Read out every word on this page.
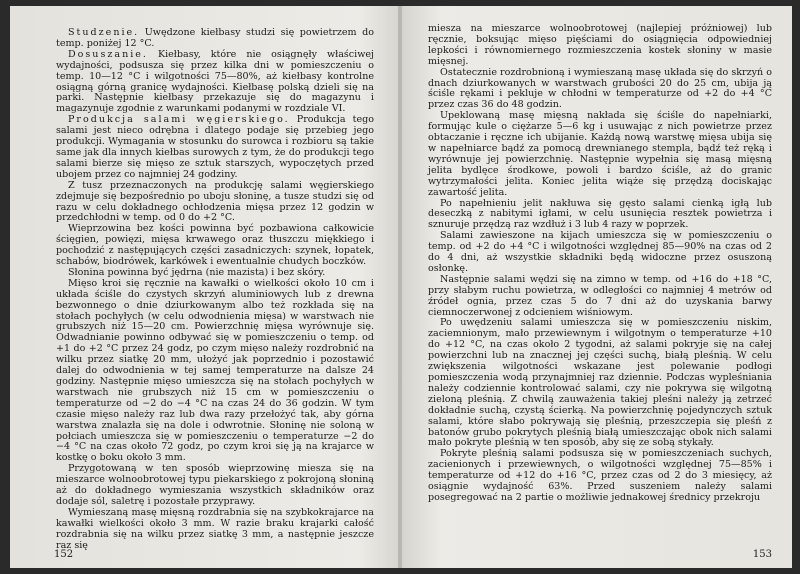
Studzenie. Uwędzone kiełbasy studzi się powietrzem do temp. poniżej 12 °C.

Dosuszanie. Kiełbasy, które nie osiągnęły właściwej wydajności, podsusza się przez kilka dni w pomieszczeniu o temp. 10—12 °C i wilgotności 75—80%, aż kiełbasy kontrolne osiągną górną granicę wydajności. Kiełbasę polską dzieli się na parki. Następnie kiełbasy przekazuje się do magazynu i magazynuje zgodnie z warunkami podanymi w rozdziale VI.

Produkcja salami węgierskiego. Produkcja tego salami jest nieco odrębna i dlatego podaje się przebieg jego produkcji. Wymagania w stosunku do surowca i rozbioru są takie same jak dla innych kiełbas surowych z tym, że do produkcji tego salami bierze się mięso ze sztuk starszych, wypoczętych przed ubojem przez co najmniej 24 godziny.

Z tusz przeznaczonych na produkcję salami węgierskiego zdejmuje się bezpośrednio po uboju słoninę, a tusze studzi się od razu w celu dokładnego ochłodzenia mięsa przez 12 godzin w przedchłodni w temp. od 0 do +2 °C.

Wieprzowina bez kości powinna być pozbawiona całkowicie ścięgien, powięzi, mięsa krwawego oraz tłuszczu miękkiego i pochodzić z następujących części zasadniczych: szynek, łopatek, schabów, biodrówek, karkówek i ewentualnie chudych boczków.

Słonina powinna być jędrna (nie mazista) i bez skóry.

Mięso kroi się ręcznie na kawałki o wielkości około 10 cm i układa ściśle do czystych skrzyń aluminiowych lub z drewna bezwonnego o dnie dziurkowanym albo też rozkłada się na stołach pochyłych (w celu odwodnienia mięsa) w warstwach nie grubszych niż 15—20 cm. Powierzchnię mięsa wyrównuje się. Odwadnianie powinno odbywać się w pomieszczeniu o temp. od +1 do +2 °C przez 24 godz, po czym mięso należy rozdrobnić na wilku przez siatkę 20 mm, ułożyć jak poprzednio i pozostawić dalej do odwodnienia w tej samej temperaturze na dalsze 24 godziny. Następnie mięso umieszcza się na stołach pochyłych w warstwach nie grubszych niż 15 cm w pomieszczeniu o temperaturze od −2 do −4 °C na czas 24 do 36 godzin. W tym czasie mięso należy raz lub dwa razy przełożyć tak, aby górna warstwa znalazła się na dole i odwrotnie. Słoninę nie soloną w połciach umieszcza się w pomieszczeniu o temperaturze −2 do −4 °C na czas około 72 godz, po czym kroi się ją na krajarce w kostkę o boku około 3 mm.

Przygotowaną w ten sposób wieprzowinę miesza się na mieszarce wolnoobrotowej typu piekarskiego z pokrojoną słoniną aż do dokładnego wymieszania wszystkich składników oraz dodaje sól, saletrę i pozostałe przyprawy.

Wymieszaną masę mięsną rozdrabnia się na szybkokrajarce na kawałki wielkości około 3 mm. W razie braku krajarki całość rozdrabnia się na wilku przez siatkę 3 mm, a następnie jeszcze raz się

152

miesza na mieszarce wolnoobrotowej (najlepiej próżniowej) lub ręcznie, boksując mięso pięściami do osiągnięcia odpowiedniej lepkości i równomiernego rozmieszczenia kostek słoniny w masie mięsnej.

Ostatecznie rozdrobnioną i wymieszaną masę układa się do skrzyń o dnach dziurkowanych w warstwach grubości 20 do 25 cm, ubija ją ściśle rękami i pekluje w chłodni w temperaturze od +2 do +4 °C przez czas 36 do 48 godzin.

Upeklowaną masę mięsną nakłada się ściśle do napełniarki, formując kule o ciężarze 5—6 kg i usuwając z nich powietrze przez obtaczanie i ręczne ich ubijanie. Każdą nową warstwę mięsa ubija się w napełniarce bądź za pomocą drewnianego stempla, bądź też ręką i wyrównuje jej powierzchnię. Następnie wypełnia się masą mięsną jelita bydlęce środkowe, powoli i bardzo ściśle, aż do granic wytrzymałości jelita. Koniec jelita wiąże się przędzą dociskając zawartość jelita.

Po napełnieniu jelit nakłuwa się gęsto salami cienką igłą lub deseczką z nabitymi igłami, w celu usunięcia resztek powietrza i sznuruje przędzą raz wzdłuż i 3 lub 4 razy w poprzek.

Salami zawieszone na kijach umieszcza się w pomieszczeniu o temp. od +2 do +4 °C i wilgotności względnej 85—90% na czas od 2 do 4 dni, aż wszystkie składniki będą widoczne przez osuszoną osłonkę.

Następnie salami wędzi się na zimno w temp. od +16 do +18 °C, przy słabym ruchu powietrza, w odległości co najmniej 4 metrów od źródeł ognia, przez czas 5 do 7 dni aż do uzyskania barwy ciemnoczerwonej z odcieniem wiśniowym.

Po uwędzeniu salami umieszcza się w pomieszczeniu niskim, zaciemnionym, mało przewiewnym i wilgotnym o temperaturze +10 do +12 °C, na czas około 2 tygodni, aż salami pokryje się na całej powierzchni lub na znacznej jej części suchą, białą pleśnią. W celu zwiększenia wilgotności wskazane jest polewanie podłogi pomieszczenia wodą przynajmniej raz dziennie. Podczas wypleśniania należy codziennie kontrolować salami, czy nie pokrywa się wilgotną zieloną pleśnią. Z chwilą zauważenia takiej pleśni należy ją zetrzeć dokładnie suchą, czystą ścierką. Na powierzchnię pojedynczych sztuk salami, które słabo pokrywają się pleśnią, przeszczepia się pleśń z batonów grubo pokrytych pleśnią białą umieszczając obok nich salami mało pokryte pleśnią w ten sposób, aby się ze sobą stykały.

Pokryte pleśnią salami podsusza się w pomieszczeniach suchych, zacienionych i przewiewnych, o wilgotności względnej 75—85% i temperaturze od +12 do +16 °C, przez czas od 2 do 3 miesięcy, aż osiągnie wydajność 63%. Przed suszeniem należy salami posegregować na 2 partie o możliwie jednakowej średnicy przekroju

153
